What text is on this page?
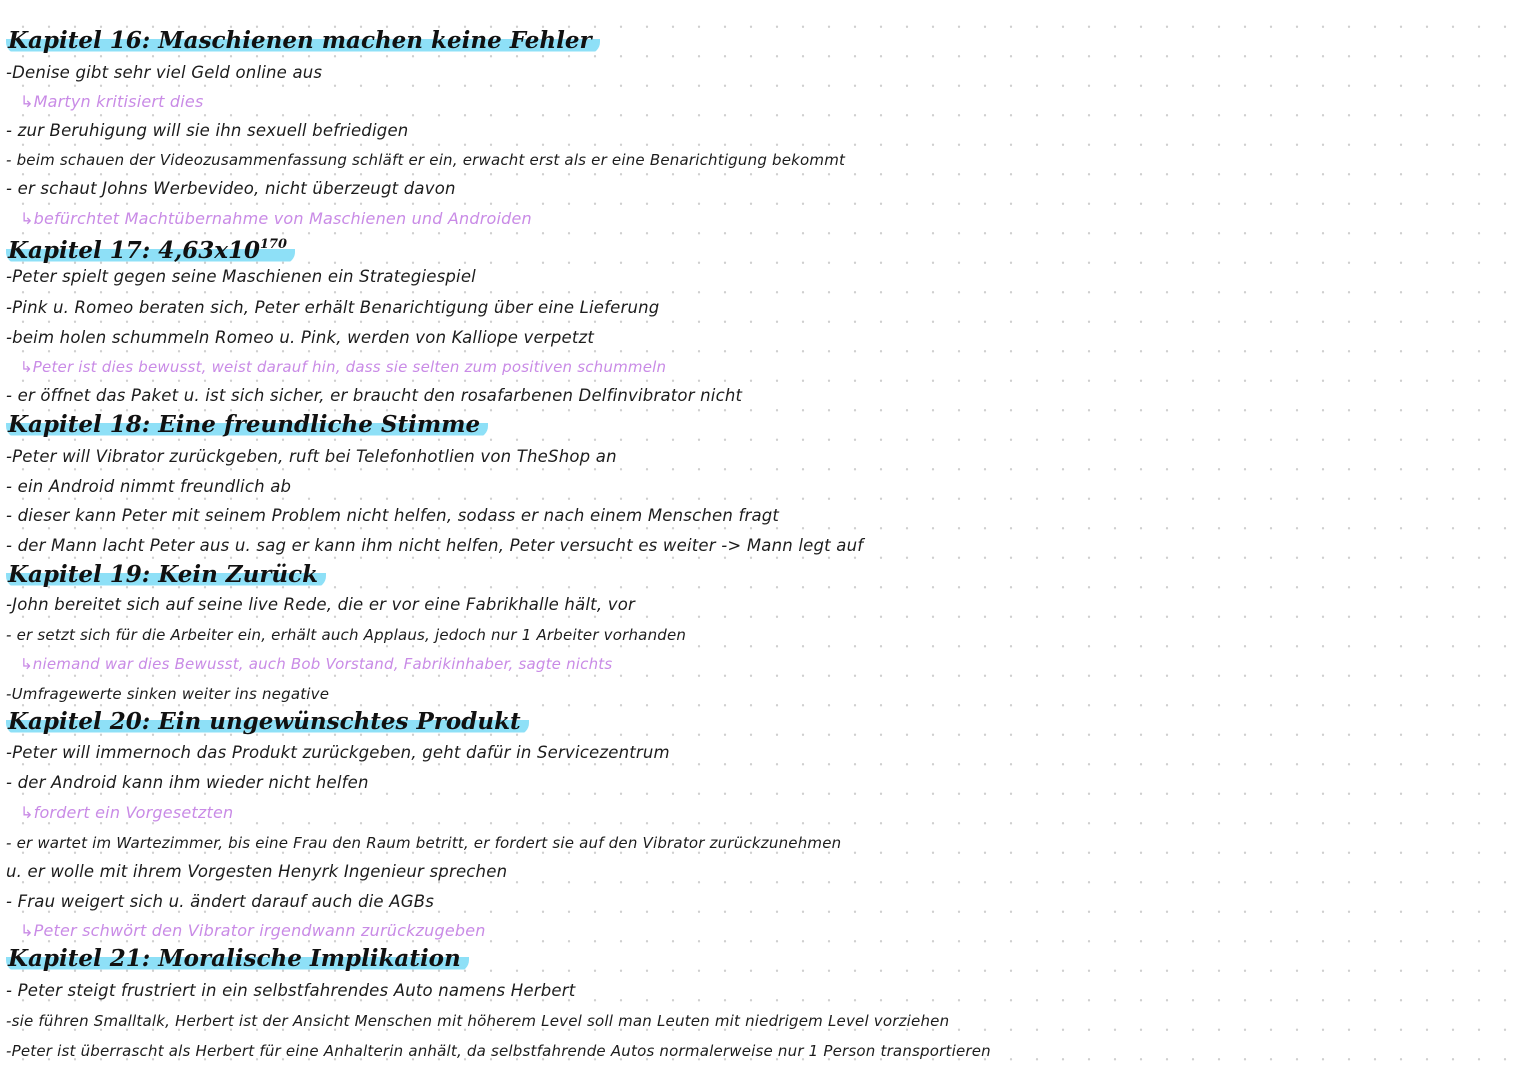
Kapitel 16: Maschienen machen keine Fehler

-Denise gibt sehr viel Geld online aus

↳Martyn kritisiert dies

- zur Beruhigung will sie ihn sexuell befriedigen

- beim schauen der Videozusammenfassung schläft er ein, erwacht erst als er eine Benarichtigung bekommt

- er schaut Johns Werbevideo, nicht überzeugt davon

↳befürchtet Machtübernahme von Maschienen und Androiden

Kapitel 17: $4,63x10^{170}$

-Peter spielt gegen seine Maschienen ein Strategiespiel

-Pink u. Romeo beraten sich, Peter erhält Benarichtigung über eine Lieferung

-beim holen schummeln Romeo u. Pink, werden von Kalliope verpetzt

↳Peter ist dies bewusst, weist darauf hin, dass sie selten zum positiven schummeln

- er öffnet das Paket u. ist sich sicher, er braucht den rosafarbenen Delfinvibrator nicht

Kapitel 18: Eine freundliche Stimme

-Peter will Vibrator zurückgeben, ruft bei Telefonhotlien von TheShop an

- ein Android nimmt freundlich ab

- dieser kann Peter mit seinem Problem nicht helfen, sodass er nach einem Menschen fragt

- der Mann lacht Peter aus u. sag er kann ihm nicht helfen, Peter versucht es weiter -> Mann legt auf

Kapitel 19: Kein Zurück

-John bereitet sich auf seine live Rede, die er vor eine Fabrikhalle hält, vor

- er setzt sich für die Arbeiter ein, erhält auch Applaus, jedoch nur 1 Arbeiter vorhanden

↳niemand war dies Bewusst, auch Bob Vorstand, Fabrikinhaber, sagte nichts

-Umfragewerte sinken weiter ins negative

Kapitel 20: Ein ungewünschtes Produkt

-Peter will immernoch das Produkt zurückgeben, geht dafür in Servicezentrum

- der Android kann ihm wieder nicht helfen

↳fordert ein Vorgesetzten

- er wartet im Wartezimmer, bis eine Frau den Raum betritt, er fordert sie auf den Vibrator zurückzunehmen

u. er wolle mit ihrem Vorgesten Henyrk Ingenieur sprechen

- Frau weigert sich u. ändert darauf auch die AGBs

↳Peter schwört den Vibrator irgendwann zurückzugeben

Kapitel 21: Moralische Implikation

- Peter steigt frustriert in ein selbstfahrendes Auto namens Herbert

-sie führen Smalltalk, Herbert ist der Ansicht Menschen mit höherem Level soll man Leuten mit niedrigem Level vorziehen

-Peter ist überrascht als Herbert für eine Anhalterin anhält, da selbstfahrende Autos normalerweise nur 1 Person transportieren
